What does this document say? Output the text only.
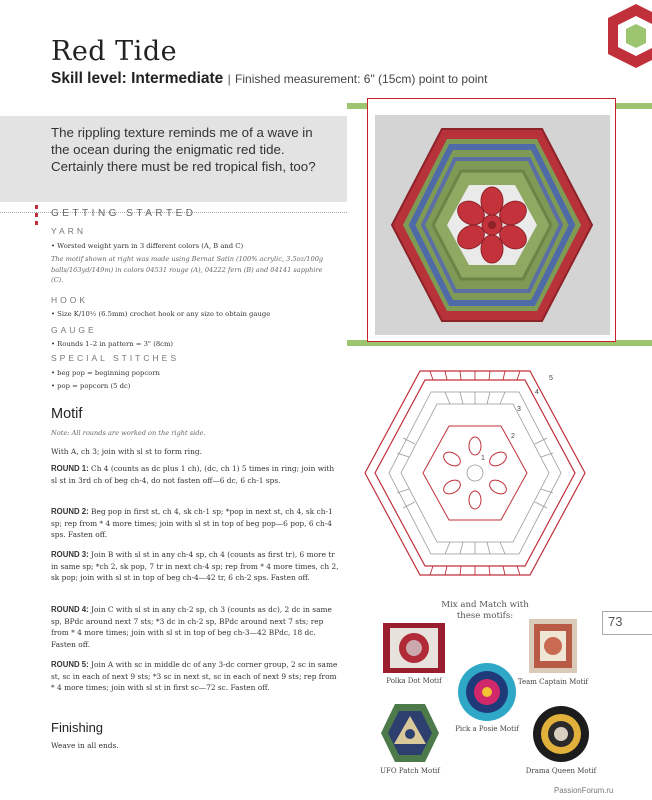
Red Tide
Skill level: Intermediate | Finished measurement: 6" (15cm) point to point
The rippling texture reminds me of a wave in the ocean during the enigmatic red tide. Certainly there must be red tropical fish, too?
GETTING STARTED
YARN
• Worsted weight yarn in 3 different colors (A, B and C)
The motif shown at right was made using Bernat Satin (100% acrylic, 3.5oz/100g balls/163yd/149m) in colors 04531 rouge (A), 04222 fern (B) and 04141 sapphire (C).
HOOK
• Size K/10½ (6.5mm) crochet hook or any size to obtain gauge
GAUGE
• Rounds 1–2 in pattern = 3" (8cm)
SPECIAL STITCHES
• beg pop = beginning popcorn
• pop = popcorn (5 dc)
Motif
Note: All rounds are worked on the right side.
With A, ch 3; join with sl st to form ring.
ROUND 1: Ch 4 (counts as dc plus 1 ch), (dc, ch 1) 5 times in ring; join with sl st in 3rd ch of beg ch-4, do not fasten off—6 dc, 6 ch-1 sps.
ROUND 2: Beg pop in first st, ch 4, sk ch-1 sp; *pop in next st, ch 4, sk ch-1 sp; rep from * 4 more times; join with sl st in top of beg pop—6 pop, 6 ch-4 sps. Fasten off.
ROUND 3: Join B with sl st in any ch-4 sp, ch 4 (counts as first tr), 6 more tr in same sp; *ch 2, sk pop, 7 tr in next ch-4 sp; rep from * 4 more times, ch 2, sk pop; join with sl st in top of beg ch-4—42 tr, 6 ch-2 sps. Fasten off.
ROUND 4: Join C with sl st in any ch-2 sp, ch 3 (counts as dc), 2 dc in same sp, BPdc around next 7 sts; *3 dc in ch-2 sp, BPdc around next 7 sts; rep from * 4 more times; join with sl st in top of beg ch-3—42 BPdc, 18 dc. Fasten off.
ROUND 5: Join A with sc in middle dc of any 3-dc corner group, 2 sc in same st, sc in each of next 9 sts; *3 sc in next st, sc in each of next 9 sts; rep from * 4 more times; join with sl st in first sc—72 sc. Fasten off.
Finishing
Weave in all ends.
1
2
3
4
5
Mix and Match with these motifs:	73
Polka Dot Motif	Team Captain Motif
Pick a Posie Motif
UFO Patch Motif	Drama Queen Motif
PassionForum.ru
